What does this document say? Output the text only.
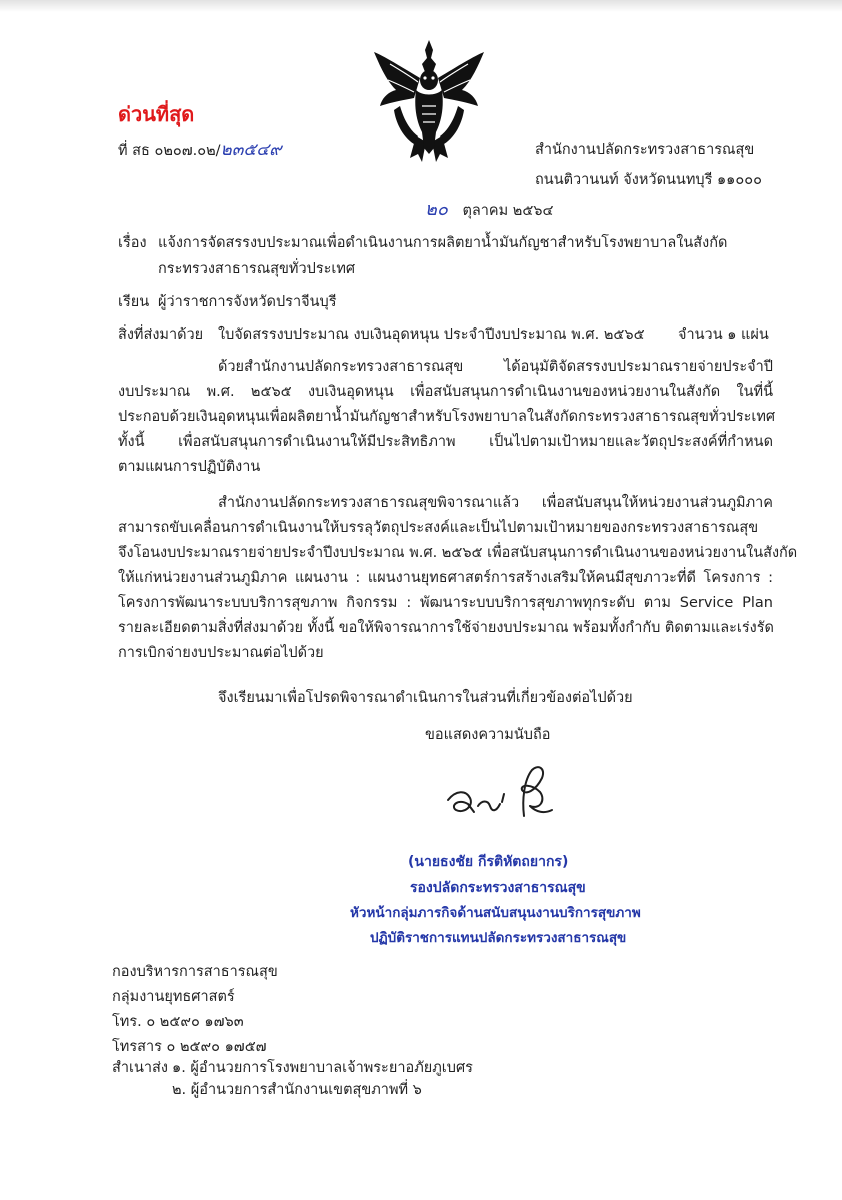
ด่วนที่สุด
ที่ สธ ๐๒๐๗.๐๒/๒๓๕๔๙	สำนักงานปลัดกระทรวงสาธารณสุข
ถนนติวานนท์ จังหวัดนนทบุรี ๑๑๐๐๐
๒๐ ตุลาคม ๒๕๖๔
เรื่อง แจ้งการจัดสรรงบประมาณเพื่อดำเนินงานการผลิตยาน้ำมันกัญชาสำหรับโรงพยาบาลในสังกัด
กระทรวงสาธารณสุขทั่วประเทศ
เรียน ผู้ว่าราชการจังหวัดปราจีนบุรี
สิ่งที่ส่งมาด้วย ใบจัดสรรงบประมาณ งบเงินอุดหนุน ประจำปีงบประมาณ พ.ศ. ๒๕๖๕ จำนวน ๑ แผ่น
ด้วยสำนักงานปลัดกระทรวงสาธารณสุข ได้อนุมัติจัดสรรงบประมาณรายจ่ายประจำปี
งบประมาณ พ.ศ. ๒๕๖๕ งบเงินอุดหนุน เพื่อสนับสนุนการดำเนินงานของหน่วยงานในสังกัด ในที่นี้
ประกอบด้วยเงินอุดหนุนเพื่อผลิตยาน้ำมันกัญชาสำหรับโรงพยาบาลในสังกัดกระทรวงสาธารณสุขทั่วประเทศ
ทั้งนี้ เพื่อสนับสนุนการดำเนินงานให้มีประสิทธิภาพ เป็นไปตามเป้าหมายและวัตถุประสงค์ที่กำหนด
ตามแผนการปฏิบัติงาน
สำนักงานปลัดกระทรวงสาธารณสุขพิจารณาแล้ว เพื่อสนับสนุนให้หน่วยงานส่วนภูมิภาค
สามารถขับเคลื่อนการดำเนินงานให้บรรลุวัตถุประสงค์และเป็นไปตามเป้าหมายของกระทรวงสาธารณสุข
จึงโอนงบประมาณรายจ่ายประจำปีงบประมาณ พ.ศ. ๒๕๖๕ เพื่อสนับสนุนการดำเนินงานของหน่วยงานในสังกัด
ให้แก่หน่วยงานส่วนภูมิภาค แผนงาน : แผนงานยุทธศาสตร์การสร้างเสริมให้คนมีสุขภาวะที่ดี โครงการ :
โครงการพัฒนาระบบบริการสุขภาพ กิจกรรม : พัฒนาระบบบริการสุขภาพทุกระดับ ตาม Service Plan
รายละเอียดตามสิ่งที่ส่งมาด้วย ทั้งนี้ ขอให้พิจารณาการใช้จ่ายงบประมาณ พร้อมทั้งกำกับ ติดตามและเร่งรัด
การเบิกจ่ายงบประมาณต่อไปด้วย
จึงเรียนมาเพื่อโปรดพิจารณาดำเนินการในส่วนที่เกี่ยวข้องต่อไปด้วย
ขอแสดงความนับถือ
(นายธงชัย กีรติหัตถยากร)
รองปลัดกระทรวงสาธารณสุข
หัวหน้ากลุ่มภารกิจด้านสนับสนุนงานบริการสุขภาพ
ปฏิบัติราชการแทนปลัดกระทรวงสาธารณสุข
กองบริหารการสาธารณสุข
กลุ่มงานยุทธศาสตร์
โทร. ๐ ๒๕๙๐ ๑๗๖๓
โทรสาร ๐ ๒๕๙๐ ๑๗๕๗
สำเนาส่ง ๑. ผู้อำนวยการโรงพยาบาลเจ้าพระยาอภัยภูเบศร
๒. ผู้อำนวยการสำนักงานเขตสุขภาพที่ ๖
